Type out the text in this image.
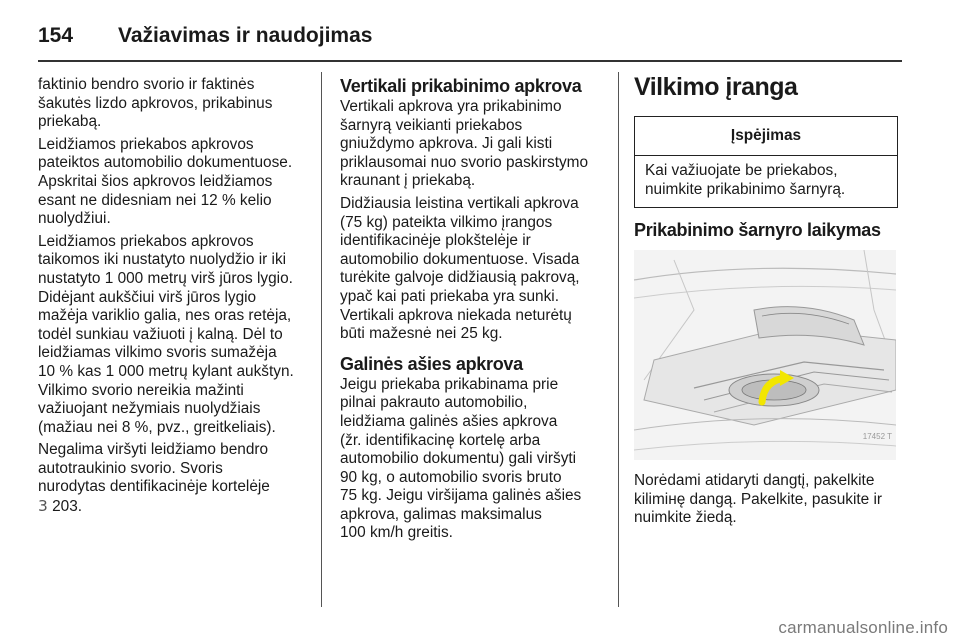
154	Važiavimas ir naudojimas

faktinio bendro svorio ir faktinės
šakutės lizdo apkrovos, prikabinus
priekabą.

Leidžiamos priekabos apkrovos
pateiktos automobilio dokumentuose.
Apskritai šios apkrovos leidžiamos
esant ne didesniam nei 12 % kelio
nuolydžiui.

Leidžiamos priekabos apkrovos
taikomos iki nustatyto nuolydžio ir iki
nustatyto 1 000 metrų virš jūros lygio.
Didėjant aukščiui virš jūros lygio
mažėja variklio galia, nes oras retėja,
todėl sunkiau važiuoti į kalną. Dėl to
leidžiamas vilkimo svoris sumažėja
10 % kas 1 000 metrų kylant aukštyn.
Vilkimo svorio nereikia mažinti
važiuojant nežymiais nuolydžiais
(mažiau nei 8 %, pvz., greitkeliais).

Negalima viršyti leidžiamo bendro
autotraukinio svorio. Svoris
nurodytas dentifikacinėje kortelėje
3 203.

Vertikali prikabinimo apkrova

Vertikali apkrova yra prikabinimo
šarnyrą veikianti priekabos
gniuždymo apkrova. Ji gali kisti
priklausomai nuo svorio paskirstymo
kraunant į priekabą.

Didžiausia leistina vertikali apkrova
(75 kg) pateikta vilkimo įrangos
identifikacinėje plokštelėje ir
automobilio dokumentuose. Visada
turėkite galvoje didžiausią pakrovą,
ypač kai pati priekaba yra sunki.
Vertikali apkrova niekada neturėtų
būti mažesnė nei 25 kg.

Galinės ašies apkrova

Jeigu priekaba prikabinama prie
pilnai pakrauto automobilio,
leidžiama galinės ašies apkrova
(žr. identifikacinę kortelę arba
automobilio dokumentu) gali viršyti
90 kg, o automobilio svoris bruto
75 kg. Jeigu viršijama galinės ašies
apkrova, galimas maksimalus
100 km/h greitis.

Vilkimo įranga
Įspėjimas

Kai važiuojate be priekabos,
nuimkite prikabinimo šarnyrą.

Prikabinimo šarnyro laikymas
17452 T

Norėdami atidaryti dangtį, pakelkite
kilimінę dangą. Pakelkite, pasukite ir
nuimkite žiedą.

carmanualsonline.info
